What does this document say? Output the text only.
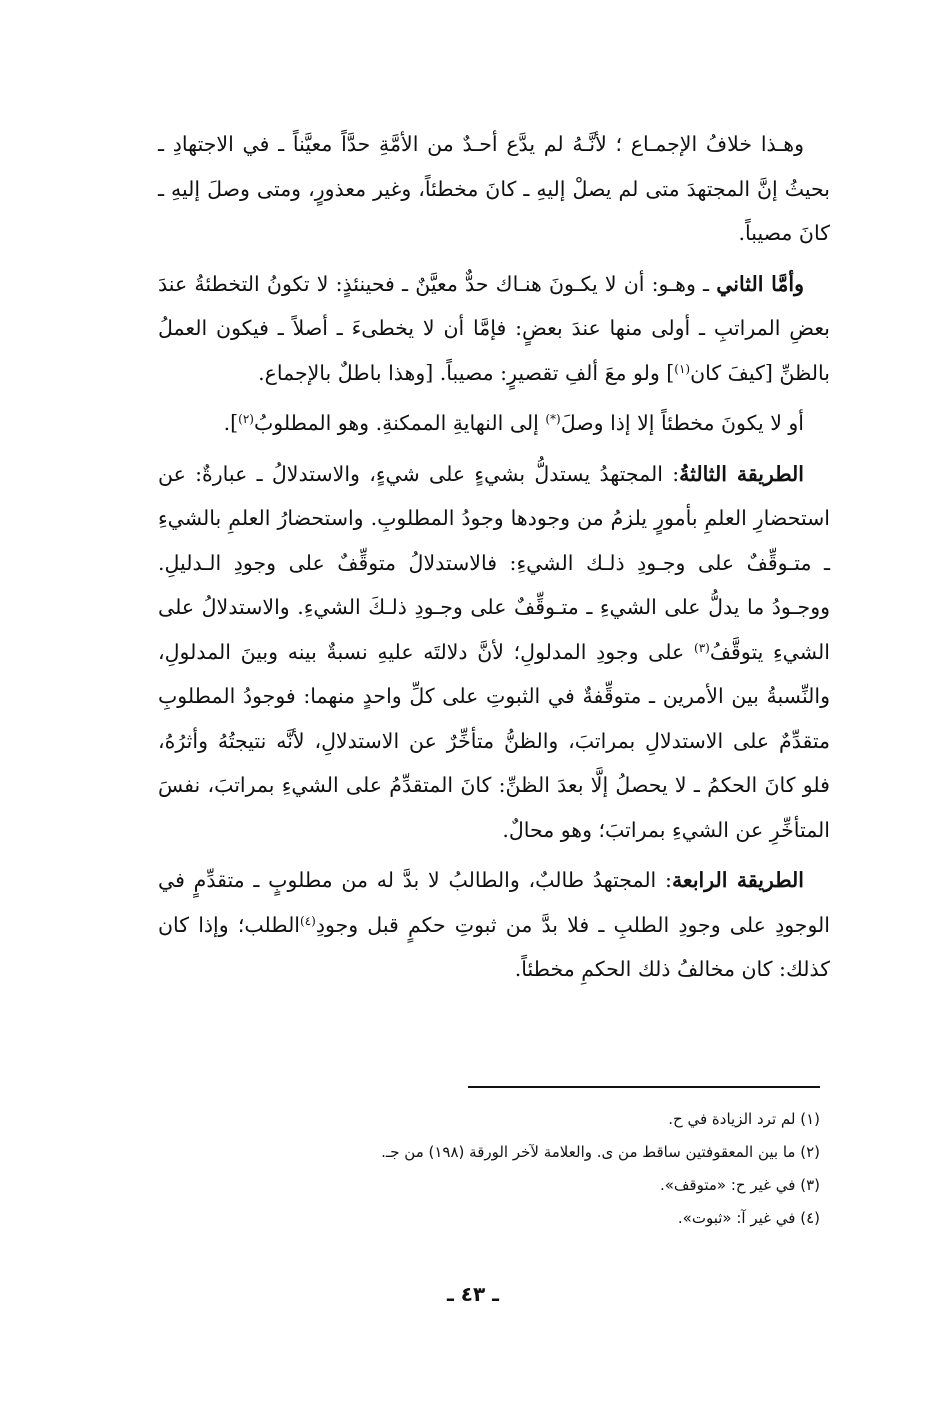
وهـذا خلافُ الإجمـاع ؛ لأنَّـهُ لم يدَّع أحـدٌ من الأمَّةِ حدَّاً معيَّناً ـ في الاجتهادِ ـ بحيثُ إنَّ المجتهدَ متى لم يصلْ إليهِ ـ كانَ مخطئاً، وغير معذورٍ، ومتى وصلَ إليهِ ـ كانَ مصيباً.

وأمَّا الثاني ـ وهـو: أن لا يكـونَ هنـاك حدٌّ معيَّنٌ ـ فحينئذٍ: لا تكونُ التخطئةُ عندَ بعضِ المراتبِ ـ أولى منها عندَ بعضٍ: فإمَّا أن لا يخطىءَ ـ أصلاً ـ فيكون العملُ بالظنِّ [كيفَ كان$^{(١)}$] ولو معَ ألفِ تقصيرٍ: مصيباً. [وهذا باطلٌ بالإجماع.

أو لا يكونَ مخطئاً إلا إذا وصلَ(*) إلى النهايةِ الممكنةِ. وهو المطلوبُ$^{(٢)}$].

الطريقة الثالثةُ: المجتهدُ يستدلُّ بشيءٍ على شيءٍ، والاستدلالُ ـ عبارةٌ: عن استحضارِ العلمِ بأمورٍ يلزمُ من وجودها وجودُ المطلوبِ. واستحضارُ العلمِ بالشيءِ ـ متـوقِّفٌ على وجـودِ ذلـك الشيءِ: فالاستدلالُ متوقِّفٌ على وجودِ الـدليلِ. ووجـودُ ما يدلُّ على الشيءِ ـ متـوقِّفٌ على وجـودِ ذلـكَ الشيءِ. والاستدلالُ على الشيءِ يتوقَّفُ$^{(٣)}$ على وجودِ المدلولِ؛ لأنَّ دلالتَه عليهِ نسبةٌ بينه وبينَ المدلولِ، والنِّسبةُ بين الأمرين ـ متوقِّفةٌ في الثبوتِ على كلِّ واحدٍ منهما: فوجودُ المطلوبِ متقدِّمٌ على الاستدلالِ بمراتبَ، والظنُّ متأخِّرٌ عن الاستدلالِ، لأنَّه نتيجتُهُ وأثرُهُ، فلو كانَ الحكمُ ـ لا يحصلُ إلَّا بعدَ الظنِّ: كانَ المتقدِّمُ على الشيءِ بمراتبَ، نفسَ المتأخِّرِ عن الشيءِ بمراتبَ؛ وهو محالٌ.

الطريقة الرابعة: المجتهدُ طالبٌ، والطالبُ لا بدَّ له من مطلوبٍ ـ متقدِّمٍ في الوجودِ على وجودِ الطلبِ ـ فلا بدَّ من ثبوتِ حكمٍ قبل وجودِ$^{(٤)}$الطلب؛ وإذا كان كذلك: كان مخالفُ ذلك الحكمِ مخطئاً.

(١) لم ترد الزيادة في ح.

(٢) ما بين المعقوفتين ساقط من ى. والعلامة لآخر الورقة (١٩٨) من جـ.

(٣) في غير ح: «متوقف».

(٤) في غير آ: «ثبوت».

ـ ٤٣ ـ
